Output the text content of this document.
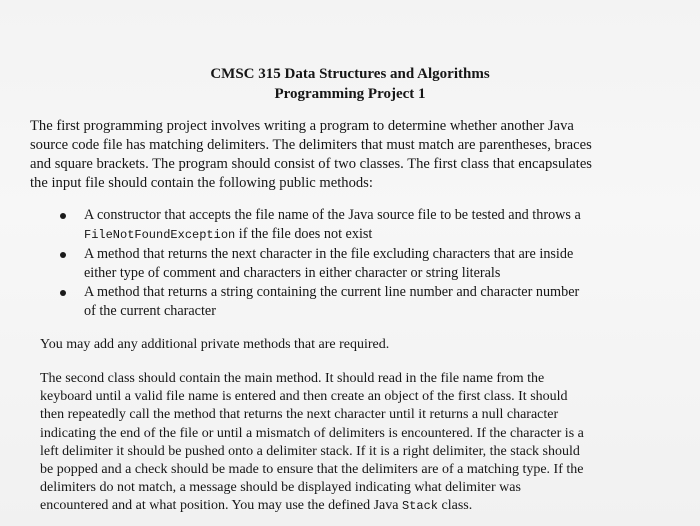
CMSC 315 Data Structures and Algorithms
Programming Project 1
The first programming project involves writing a program to determine whether another Java
source code file has matching delimiters. The delimiters that must match are parentheses, braces
and square brackets. The program should consist of two classes. The first class that encapsulates
the input file should contain the following public methods:
A constructor that accepts the file name of the Java source file to be tested and throws a
FileNotFoundException if the file does not exist
A method that returns the next character in the file excluding characters that are inside
either type of comment and characters in either character or string literals
A method that returns a string containing the current line number and character number
of the current character
You may add any additional private methods that are required.
The second class should contain the main method. It should read in the file name from the
keyboard until a valid file name is entered and then create an object of the first class. It should
then repeatedly call the method that returns the next character until it returns a null character
indicating the end of the file or until a mismatch of delimiters is encountered. If the character is a
left delimiter it should be pushed onto a delimiter stack. If it is a right delimiter, the stack should
be popped and a check should be made to ensure that the delimiters are of a matching type. If the
delimiters do not match, a message should be displayed indicating what delimiter was
encountered and at what position. You may use the defined Java Stack class.
